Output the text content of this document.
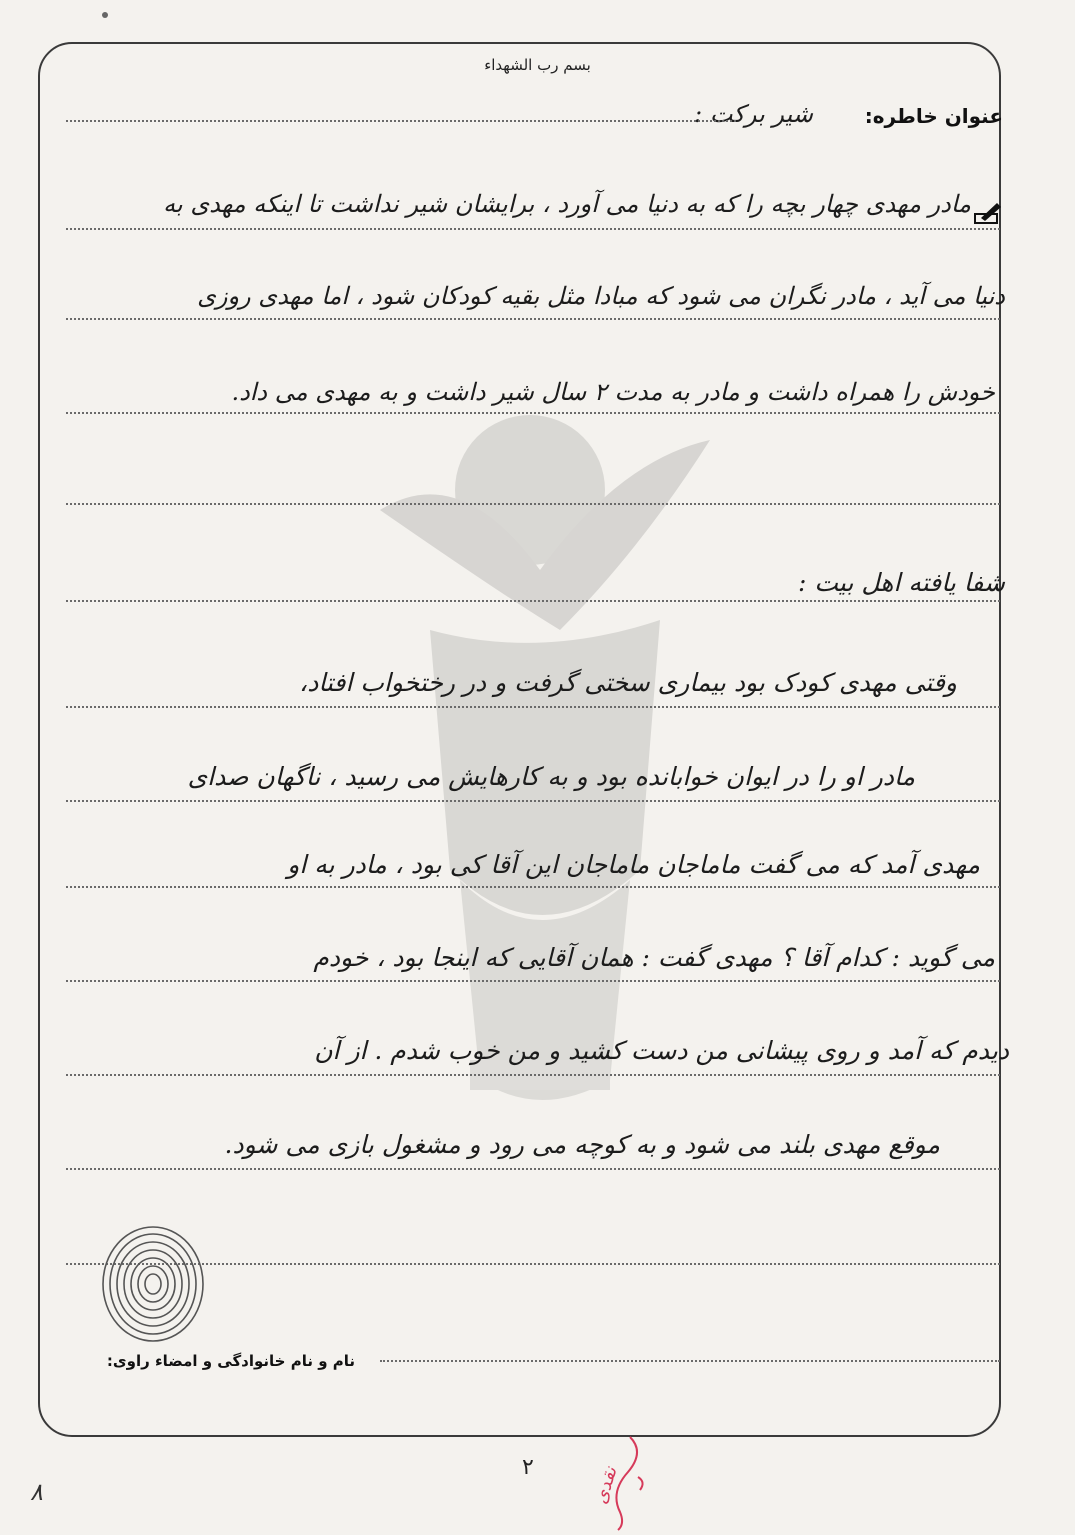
بسم رب الشهداء
عنوان خاطره:
شیر برکت :
مادر مهدی چهار بچه را که به دنیا می آورد ، برایشان شیر نداشت تا اینکه مهدی به
دنیا می آید ، مادر نگران می شود که مبادا مثل بقیه کودکان شود ، اما مهدی روزی
خودش را همراه داشت و مادر به مدت ۲ سال شیر داشت و به مهدی می داد.
شفا یافته اهل بیت :
وقتی مهدی کودک بود بیماری سختی گرفت و در رختخواب افتاد،
مادر او را در ایوان خوابانده بود و به کارهایش می رسید ، ناگهان صدای
مهدی آمد که می گفت ماماجان ماماجان این آقا کی بود ، مادر به او
می گوید : کدام آقا ؟ مهدی گفت : همان آقایی که اینجا بود ، خودم
دیدم که آمد و روی پیشانی من دست کشید و من خوب شدم . از آن
موقع مهدی بلند می شود و به کوچه می رود و مشغول بازی می شود.
نام و نام خانوادگی و امضاء راوی:
۲
۸	نقدی
